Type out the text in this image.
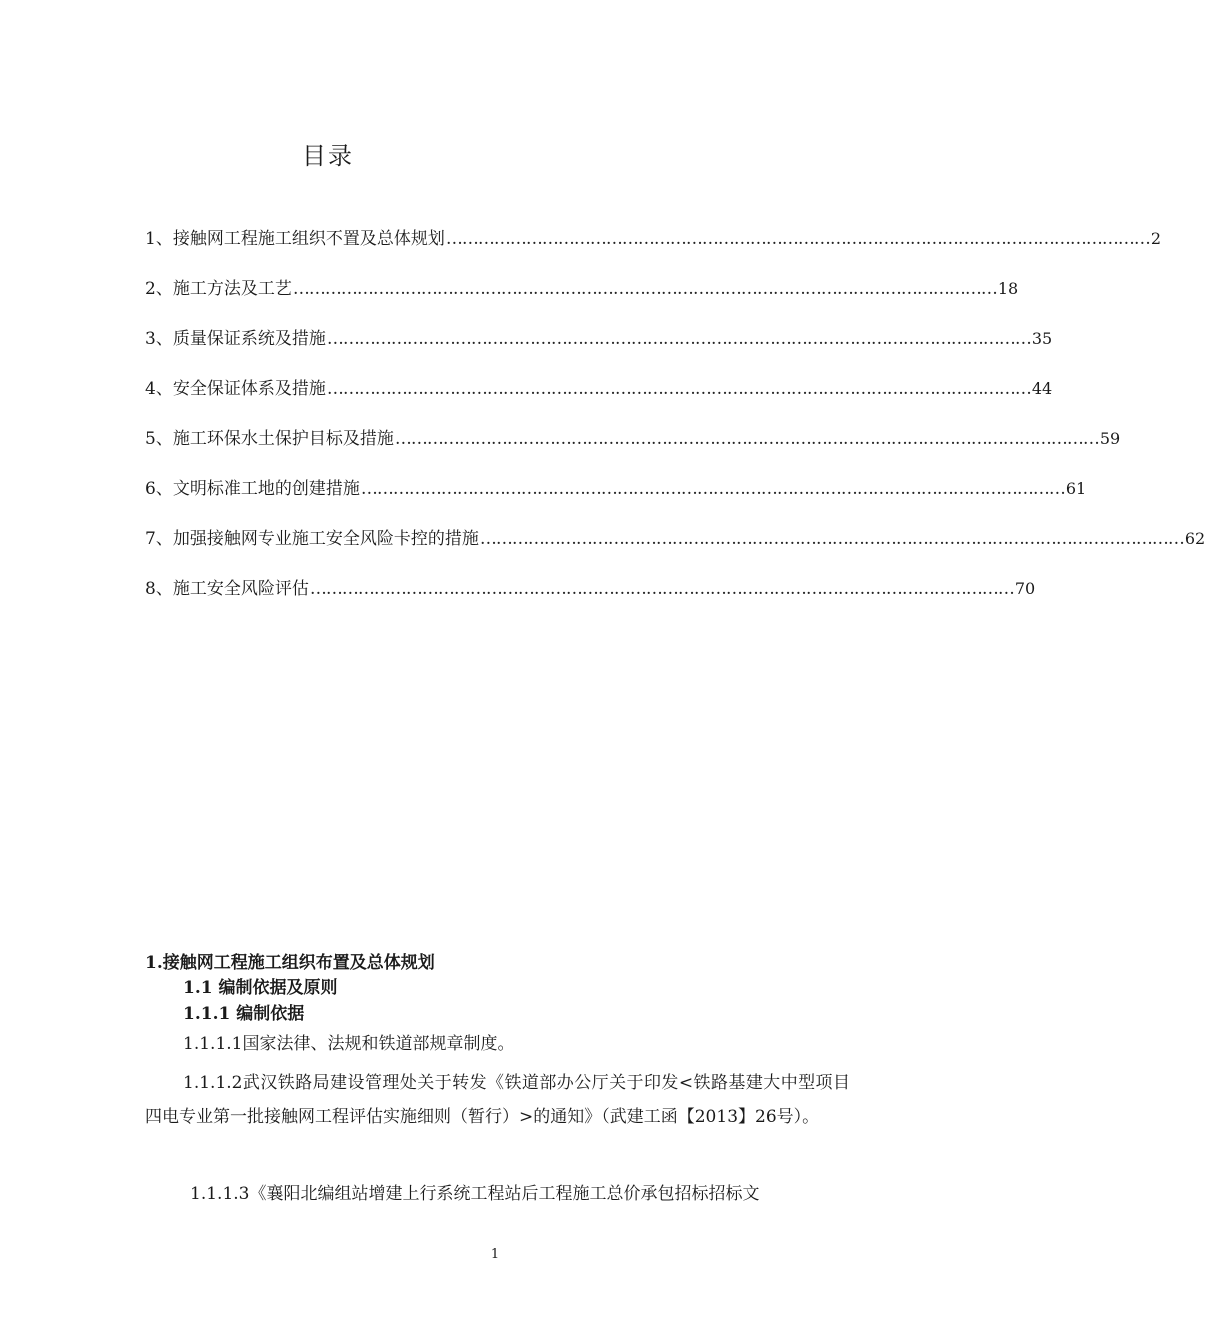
目录
1、接触网工程施工组织不置及总体规划 …………………………………………………………………………………………………………………… 2
2、施工方法及工艺 …………………………………………………………………………………………………………………… 18
3、质量保证系统及措施 …………………………………………………………………………………………………………………… 35
4、安全保证体系及措施 …………………………………………………………………………………………………………………… 44
5、施工环保水土保护目标及措施 …………………………………………………………………………………………………………………… 59
6、文明标准工地的创建措施 …………………………………………………………………………………………………………………… 61
7、加强接触网专业施工安全风险卡控的措施 …………………………………………………………………………………………………………………… 62
8、施工安全风险评估 …………………………………………………………………………………………………………………… 70
1.接触网工程施工组织布置及总体规划
1.1 编制依据及原则
1.1.1 编制依据
1.1.1.1国家法律、法规和铁道部规章制度。
1.1.1.2武汉铁路局建设管理处关于转发《铁道部办公厅关于印发<铁路基建大中型项目四电专业第一批接触网工程评估实施细则（暂行）>的通知》（武建工函【2013】26号）。
1.1.1.3《襄阳北编组站增建上行系统工程站后工程施工总价承包招标招标文
1
